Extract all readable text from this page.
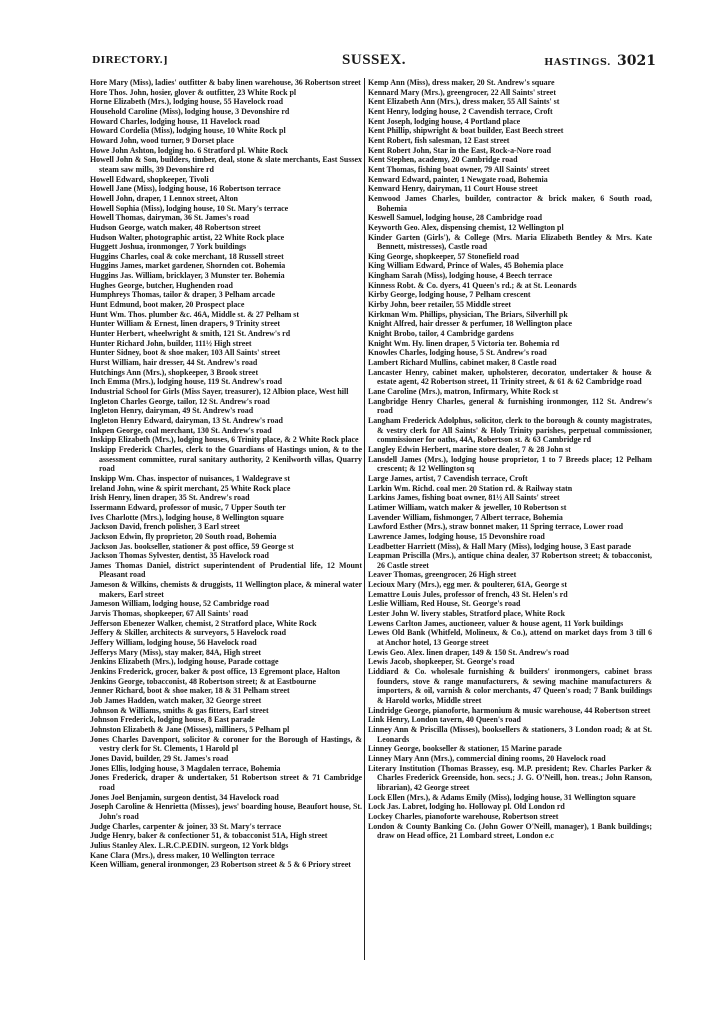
DIRECTORY.]	SUSSEX.	HASTINGS. 3021
Hore Mary (Miss), ladies' outfitter & baby linen warehouse, 36 Robertson street
Hore Thos. John, hosier, glover & outfitter, 23 White Rock pl
Horne Elizabeth (Mrs.), lodging house, 55 Havelock road
Household Caroline (Miss), lodging house, 3 Devonshire rd
Howard Charles, lodging house, 11 Havelock road
Howard Cordelia (Miss), lodging house, 10 White Rock pl
Howard John, wood turner, 9 Dorset place
Howe John Ashton, lodging ho. 6 Stratford pl. White Rock
Howell John & Son, builders, timber, deal, stone & slate merchants, East Sussex steam saw mills, 39 Devonshire rd
Howell Edward, shopkeeper, Tivoli
Howell Jane (Miss), lodging house, 16 Robertson terrace
Howell John, draper, 1 Lennox street, Alton
Howell Sophia (Miss), lodging house, 10 St. Mary's terrace
Howell Thomas, dairyman, 36 St. James's road
Hudson George, watch maker, 48 Robertson street
Hudson Walter, photographic artist, 22 White Rock place
Huggett Joshua, ironmonger, 7 York buildings
Huggins Charles, coal & coke merchant, 18 Russell street
Huggins James, market gardener, Shornden cot. Bohemia
Huggins Jas. William, bricklayer, 3 Munster ter. Bohemia
Hughes George, butcher, Hughenden road
Humphreys Thomas, tailor & draper, 3 Pelham arcade
Hunt Edmund, boot maker, 20 Prospect place
Hunt Wm. Thos. plumber &c. 46A, Middle st. & 27 Pelham st
Hunter William & Ernest, linen drapers, 9 Trinity street
Hunter Herbert, wheelwright & smith, 121 St. Andrew's rd
Hunter Richard John, builder, 111½ High street
Hunter Sidney, boot & shoe maker, 103 All Saints' street
Hurst William, hair dresser, 44 St. Andrew's road
Hutchings Ann (Mrs.), shopkeeper, 3 Brook street
Inch Emma (Mrs.), lodging house, 119 St. Andrew's road
Industrial School for Girls (Miss Sayer, treasurer), 12 Albion place, West hill
Ingleton Charles George, tailor, 12 St. Andrew's road
Ingleton Henry, dairyman, 49 St. Andrew's road
Ingleton Henry Edward, dairyman, 13 St. Andrew's road
Inkpen George, coal merchant, 130 St. Andrew's road
Inskipp Elizabeth (Mrs.), lodging houses, 6 Trinity place, & 2 White Rock place
Inskipp Frederick Charles, clerk to the Guardians of Hastings union, & to the assessment committee, rural sanitary authority, 2 Kenilworth villas, Quarry road
Inskipp Wm. Chas. inspector of nuisances, 1 Waldegrave st
Ireland John, wine & spirit merchant, 25 White Rock place
Irish Henry, linen draper, 35 St. Andrew's road
Issermann Edward, professor of music, 7 Upper South ter
Ives Charlotte (Mrs.), lodging house, 8 Wellington square
Jackson David, french polisher, 3 Earl street
Jackson Edwin, fly proprietor, 20 South road, Bohemia
Jackson Jas. bookseller, stationer & post office, 59 George st
Jackson Thomas Sylvester, dentist, 35 Havelock road
James Thomas Daniel, district superintendent of Prudential life, 12 Mount Pleasant road
Jameson & Wilkins, chemists & druggists, 11 Wellington place, & mineral water makers, Earl street
Jameson William, lodging house, 52 Cambridge road
Jarvis Thomas, shopkeeper, 67 All Saints' road
Jefferson Ebenezer Walker, chemist, 2 Stratford place, White Rock
Jeffery & Skiller, architects & surveyors, 5 Havelock road
Jeffery William, lodging house, 56 Havelock road
Jefferys Mary (Miss), stay maker, 84A, High street
Jenkins Elizabeth (Mrs.), lodging house, Parade cottage
Jenkins Frederick, grocer, baker & post office, 13 Egremont place, Halton
Jenkins George, tobacconist, 48 Robertson street; & at Eastbourne
Jenner Richard, boot & shoe maker, 18 & 31 Pelham street
Job James Hadden, watch maker, 32 George street
Johnson & Williams, smiths & gas fitters, Earl street
Johnson Frederick, lodging house, 8 East parade
Johnston Elizabeth & Jane (Misses), milliners, 5 Pelham pl
Jones Charles Davenport, solicitor & coroner for the Borough of Hastings, & vestry clerk for St. Clements, 1 Harold pl
Jones David, builder, 29 St. James's road
Jones Ellis, lodging house, 3 Magdalen terrace, Bohemia
Jones Frederick, draper & undertaker, 51 Robertson street & 71 Cambridge road
Jones Joel Benjamin, surgeon dentist, 34 Havelock road
Joseph Caroline & Henrietta (Misses), jews' boarding house, Beaufort house, St. John's road
Judge Charles, carpenter & joiner, 33 St. Mary's terrace
Judge Henry, baker & confectioner 51, & tobacconist 51A, High street
Julius Stanley Alex. L.R.C.P.EDIN. surgeon, 12 York bldgs
Kane Clara (Mrs.), dress maker, 10 Wellington terrace
Keen William, general ironmonger, 23 Robertson street & 5 & 6 Priory street
Kemp Ann (Miss), dress maker, 20 St. Andrew's square
Kennard Mary (Mrs.), greengrocer, 22 All Saints' street
Kent Elizabeth Ann (Mrs.), dress maker, 55 All Saints' st
Kent Henry, lodging house, 2 Cavendish terrace, Croft
Kent Joseph, lodging house, 4 Portland place
Kent Phillip, shipwright & boat builder, East Beech street
Kent Robert, fish salesman, 12 East street
Kent Robert John, Star in the East, Rock-a-Nore road
Kent Stephen, academy, 20 Cambridge road
Kent Thomas, fishing boat owner, 79 All Saints' street
Kenward Edward, painter, 1 Newgate road, Bohemia
Kenward Henry, dairyman, 11 Court House street
Kenwood James Charles, builder, contractor & brick maker, 6 South road, Bohemia
Keswell Samuel, lodging house, 28 Cambridge road
Keyworth Geo. Alex, dispensing chemist, 12 Wellington pl
Kinder Garten (Girls'), & College (Mrs. Maria Elizabeth Bentley & Mrs. Kate Bennett, mistresses), Castle road
King George, shopkeeper, 57 Stonefield road
King William Edward, Prince of Wales, 45 Bohemia place
Kingham Sarah (Miss), lodging house, 4 Beech terrace
Kinness Robt. & Co. dyers, 41 Queen's rd.; & at St. Leonards
Kirby George, lodging house, 7 Pelham crescent
Kirby John, beer retailer, 55 Middle street
Kirkman Wm. Phillips, physician, The Briars, Silverhill pk
Knight Alfred, hair dresser & perfumer, 18 Wellington place
Knight Brobo, tailor, 4 Cambridge gardens
Knight Wm. Hy. linen draper, 5 Victoria ter. Bohemia rd
Knowles Charles, lodging house, 5 St. Andrew's road
Lambert Richard Mullins, cabinet maker, 8 Castle road
Lancaster Henry, cabinet maker, upholsterer, decorator, undertaker & house & estate agent, 42 Robertson street, 11 Trinity street, & 61 & 62 Cambridge road
Lane Caroline (Mrs.), matron, Infirmary, White Rock st
Langbridge Henry Charles, general & furnishing ironmonger, 112 St. Andrew's road
Langham Frederick Adolphus, solicitor, clerk to the borough & county magistrates, & vestry clerk for All Saints' & Holy Trinity parishes, perpetual commissioner, commissioner for oaths, 44A, Robertson st. & 63 Cambridge rd
Langley Edwin Herbert, marine store dealer, 7 & 28 John st
Lansdell James (Mrs.), lodging house proprietor, 1 to 7 Breeds place; 12 Pelham crescent; & 12 Wellington sq
Large James, artist, 7 Cavendish terrace, Croft
Larkin Wm. Richd. coal mer. 20 Station rd. & Railway statn
Larkins James, fishing boat owner, 81½ All Saints' street
Latimer William, watch maker & jeweller, 10 Robertson st
Lavender William, fishmonger, 7 Albert terrace, Bohemia
Lawford Esther (Mrs.), straw bonnet maker, 11 Spring terrace, Lower road
Lawrence James, lodging house, 15 Devonshire road
Leadbetter Harriett (Miss), & Hall Mary (Miss), lodging house, 3 East parade
Leapman Priscilla (Mrs.), antique china dealer, 37 Robertson street; & tobacconist, 26 Castle street
Leaver Thomas, greengrocer, 26 High street
Lecioux Mary (Mrs.), egg mer. & poulterer, 61A, George st
Lemattre Louis Jules, professor of french, 43 St. Helen's rd
Leslie William, Red House, St. George's road
Lester John W. livery stables, Stratford place, White Rock
Lewens Carlton James, auctioneer, valuer & house agent, 11 York buildings
Lewes Old Bank (Whitfeld, Molineux, & Co.), attend on market days from 3 till 6 at Anchor hotel, 13 George street
Lewis Geo. Alex. linen draper, 149 & 150 St. Andrew's road
Lewis Jacob, shopkeeper, St. George's road
Liddiard & Co. wholesale furnishing & builders' ironmongers, cabinet brass founders, stove & range manufacturers, & sewing machine manufacturers & importers, & oil, varnish & color merchants, 47 Queen's road; 7 Bank buildings & Harold works, Middle street
Lindridge George, pianoforte, harmonium & music warehouse, 44 Robertson street
Link Henry, London tavern, 40 Queen's road
Linney Ann & Priscilla (Misses), booksellers & stationers, 3 London road; & at St. Leonards
Linney George, bookseller & stationer, 15 Marine parade
Linney Mary Ann (Mrs.), commercial dining rooms, 20 Havelock road
Literary Institution (Thomas Brassey, esq. M.P. president; Rev. Charles Parker & Charles Frederick Greenside, hon. secs.; J. G. O'Neill, hon. treas.; John Ranson, librarian), 42 George street
Lock Ellen (Mrs.), & Adams Emily (Miss), lodging house, 31 Wellington square
Lock Jas. Labret, lodging ho. Holloway pl. Old London rd
Lockey Charles, pianoforte warehouse, Robertson street
London & County Banking Co. (John Gower O'Neill, manager), 1 Bank buildings; draw on Head office, 21 Lombard street, London e.c
